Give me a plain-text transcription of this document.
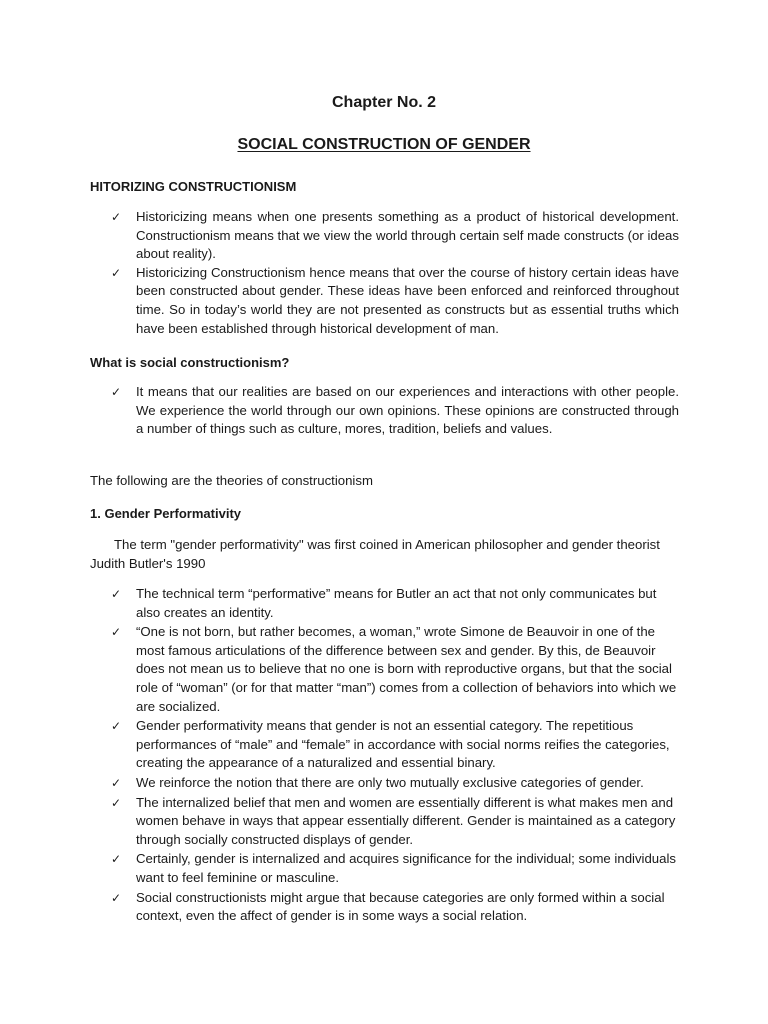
Chapter No. 2
SOCIAL CONSTRUCTION OF GENDER
HITORIZING CONSTRUCTIONISM
✓ Historicizing means when one presents something as a product of historical development. Constructionism means that we view the world through certain self made constructs (or ideas about reality).
✓ Historicizing Constructionism hence means that over the course of history certain ideas have been constructed about gender. These ideas have been enforced and reinforced throughout time. So in today’s world they are not presented as constructs but as essential truths which have been established through historical development of man.
What is social constructionism?
✓ It means that our realities are based on our experiences and interactions with other people. We experience the world through our own opinions. These opinions are constructed through a number of things such as culture, mores, tradition, beliefs and values.
The following are the theories of constructionism
1. Gender Performativity
The term "gender performativity" was first coined in American philosopher and gender theorist Judith Butler's 1990
✓ The technical term “performative” means for Butler an act that not only communicates but also creates an identity.
✓ “One is not born, but rather becomes, a woman,” wrote Simone de Beauvoir in one of the most famous articulations of the difference between sex and gender. By this, de Beauvoir does not mean us to believe that no one is born with reproductive organs, but that the social role of “woman” (or for that matter “man”) comes from a collection of behaviors into which we are socialized.
✓ Gender performativity means that gender is not an essential category. The repetitious performances of “male” and “female” in accordance with social norms reifies the categories, creating the appearance of a naturalized and essential binary.
✓ We reinforce the notion that there are only two mutually exclusive categories of gender.
✓ The internalized belief that men and women are essentially different is what makes men and women behave in ways that appear essentially different. Gender is maintained as a category through socially constructed displays of gender.
✓ Certainly, gender is internalized and acquires significance for the individual; some individuals want to feel feminine or masculine.
✓ Social constructionists might argue that because categories are only formed within a social context, even the affect of gender is in some ways a social relation.
